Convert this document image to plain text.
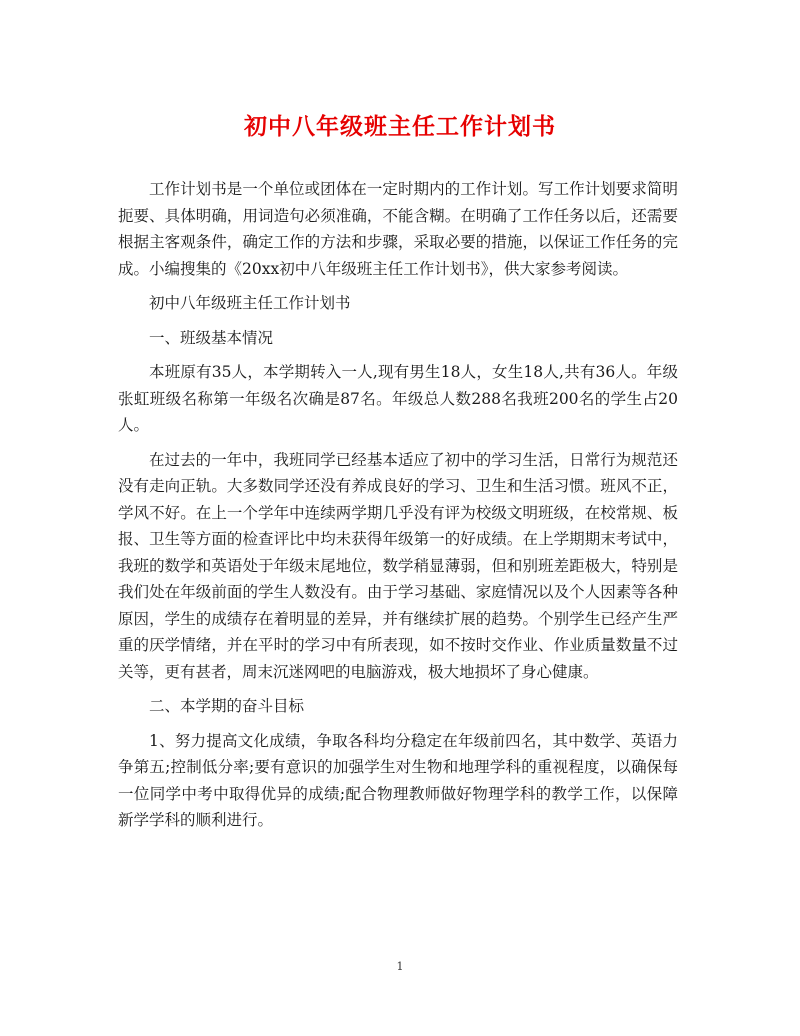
初中八年级班主任工作计划书

工作计划书是一个单位或团体在一定时期内的工作计划。写工作计划要求简明扼要、具体明确，用词造句必须准确，不能含糊。在明确了工作任务以后，还需要根据主客观条件，确定工作的方法和步骤，采取必要的措施，以保证工作任务的完成。小编搜集的《20xx初中八年级班主任工作计划书》，供大家参考阅读。

初中八年级班主任工作计划书

一、班级基本情况

本班原有35人，本学期转入一人,现有男生18人，女生18人,共有36人。年级张虹班级名称第一年级名次确是87名。年级总人数288名我班200名的学生占20人。

在过去的一年中，我班同学已经基本适应了初中的学习生活，日常行为规范还没有走向正轨。大多数同学还没有养成良好的学习、卫生和生活习惯。班风不正，学风不好。在上一个学年中连续两学期几乎没有评为校级文明班级，在校常规、板报、卫生等方面的检查评比中均未获得年级第一的好成绩。在上学期期末考试中，我班的数学和英语处于年级末尾地位，数学稍显薄弱，但和别班差距极大，特别是我们处在年级前面的学生人数没有。由于学习基础、家庭情况以及个人因素等各种原因，学生的成绩存在着明显的差异，并有继续扩展的趋势。个别学生已经产生严重的厌学情绪，并在平时的学习中有所表现，如不按时交作业、作业质量数量不过关等，更有甚者，周末沉迷网吧的电脑游戏，极大地损坏了身心健康。

二、本学期的奋斗目标

1、努力提高文化成绩，争取各科均分稳定在年级前四名，其中数学、英语力争第五;控制低分率;要有意识的加强学生对生物和地理学科的重视程度，以确保每一位同学中考中取得优异的成绩;配合物理教师做好物理学科的教学工作，以保障新学学科的顺利进行。

1
